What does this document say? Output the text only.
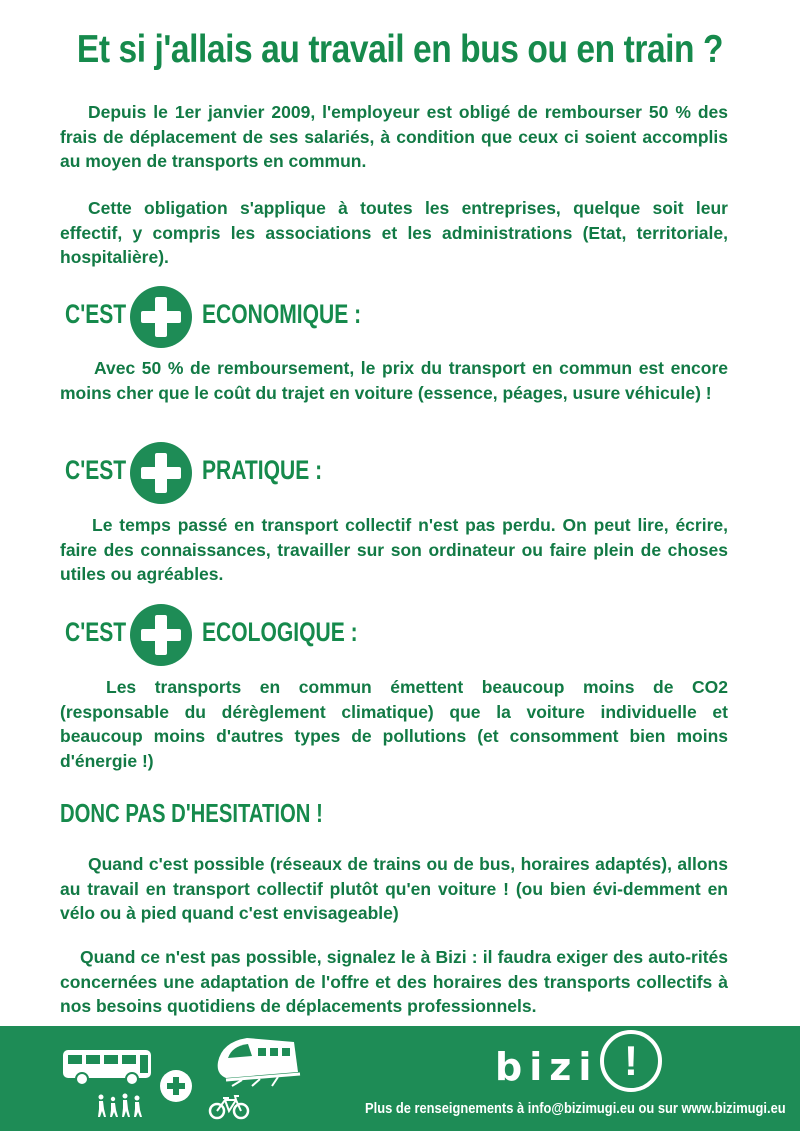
Et si j'allais au travail en bus ou en train ?
Depuis le 1er janvier 2009, l'employeur est obligé de rembourser 50 % des frais de déplacement de ses salariés, à condition que ceux ci soient accomplis au moyen de transports en commun.
Cette obligation s'applique à toutes les entreprises, quelque soit leur effectif, y compris les associations et les administrations (Etat, territoriale, hospitalière).
C'EST	ECONOMIQUE :
Avec 50 % de remboursement, le prix du transport en commun est encore moins cher que le coût du trajet en voiture (essence, péages, usure véhicule) !
C'EST	PRATIQUE :
Le temps passé en transport collectif n'est pas perdu. On peut lire, écrire, faire des connaissances, travailler sur son ordinateur ou faire plein de choses utiles ou agréables.
C'EST	ECOLOGIQUE :
Les transports en commun émettent beaucoup moins de CO2 (responsable du dérèglement climatique) que la voiture individuelle et beaucoup moins d'autres types de pollutions (et consomment bien moins d'énergie !)
DONC PAS D'HESITATION !
Quand c'est possible (réseaux de trains ou de bus, horaires adaptés), allons au travail en transport collectif plutôt qu'en voiture ! (ou bien évi-demment en vélo ou à pied quand c'est envisageable)
Quand ce n'est pas possible, signalez le à Bizi : il faudra exiger des auto-rités concernées une adaptation de l'offre et des horaires des transports collectifs à nos besoins quotidiens de déplacements professionnels.
bizi !
Plus de renseignements à info@bizimugi.eu ou sur www.bizimugi.eu
